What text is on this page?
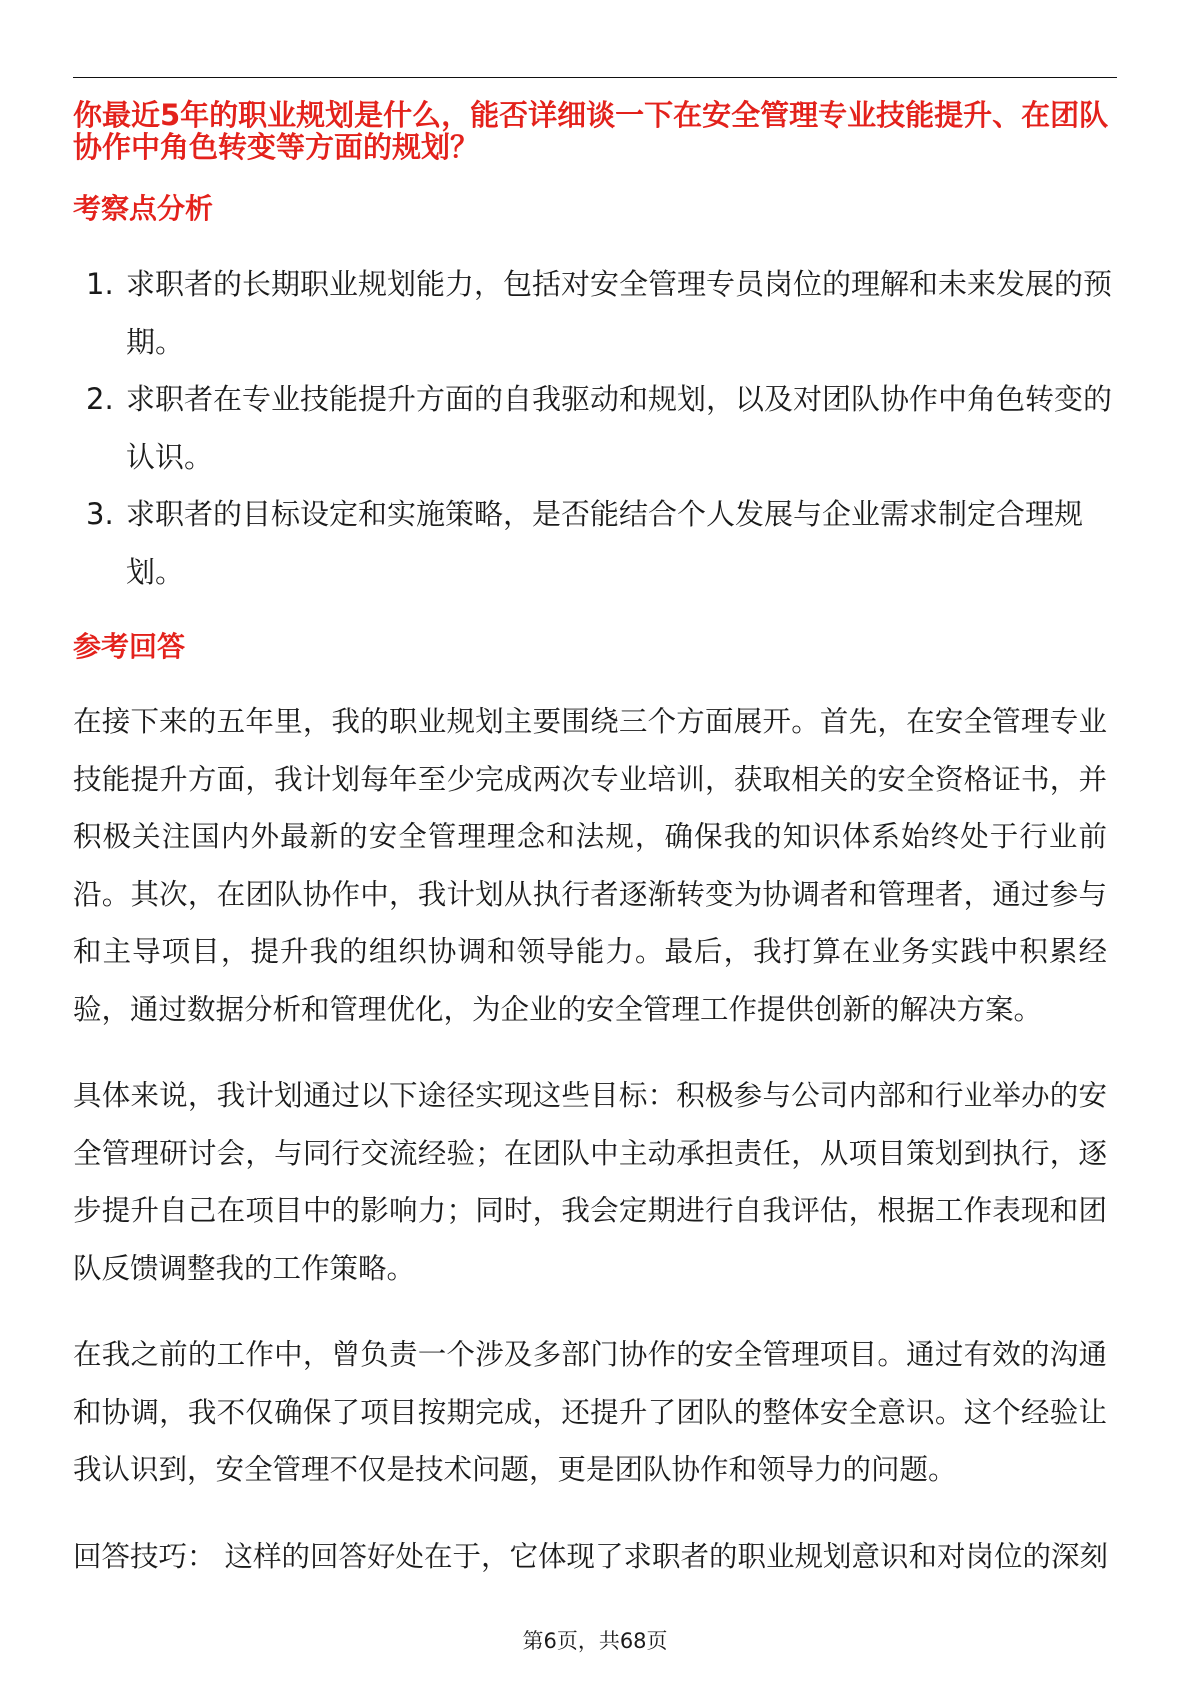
你最近5年的职业规划是什么，能否详细谈一下在安全管理专业技能提升、在团队
协作中角色转变等方面的规划？
考察点分析
1. 求职者的长期职业规划能力，包括对安全管理专员岗位的理解和未来发展的预
期。
2. 求职者在专业技能提升方面的自我驱动和规划，以及对团队协作中角色转变的
认识。
3. 求职者的目标设定和实施策略，是否能结合个人发展与企业需求制定合理规
划。
参考回答
在接下来的五年里，我的职业规划主要围绕三个方面展开。首先，在安全管理专业
技能提升方面，我计划每年至少完成两次专业培训，获取相关的安全资格证书，并
积极关注国内外最新的安全管理理念和法规，确保我的知识体系始终处于行业前
沿。其次，在团队协作中，我计划从执行者逐渐转变为协调者和管理者，通过参与
和主导项目，提升我的组织协调和领导能力。最后，我打算在业务实践中积累经
验，通过数据分析和管理优化，为企业的安全管理工作提供创新的解决方案。
具体来说，我计划通过以下途径实现这些目标：积极参与公司内部和行业举办的安
全管理研讨会，与同行交流经验；在团队中主动承担责任，从项目策划到执行，逐
步提升自己在项目中的影响力；同时，我会定期进行自我评估，根据工作表现和团
队反馈调整我的工作策略。
在我之前的工作中，曾负责一个涉及多部门协作的安全管理项目。通过有效的沟通
和协调，我不仅确保了项目按期完成，还提升了团队的整体安全意识。这个经验让
我认识到，安全管理不仅是技术问题，更是团队协作和领导力的问题。
回答技巧： 这样的回答好处在于，它体现了求职者的职业规划意识和对岗位的深刻
第6页，共68页
